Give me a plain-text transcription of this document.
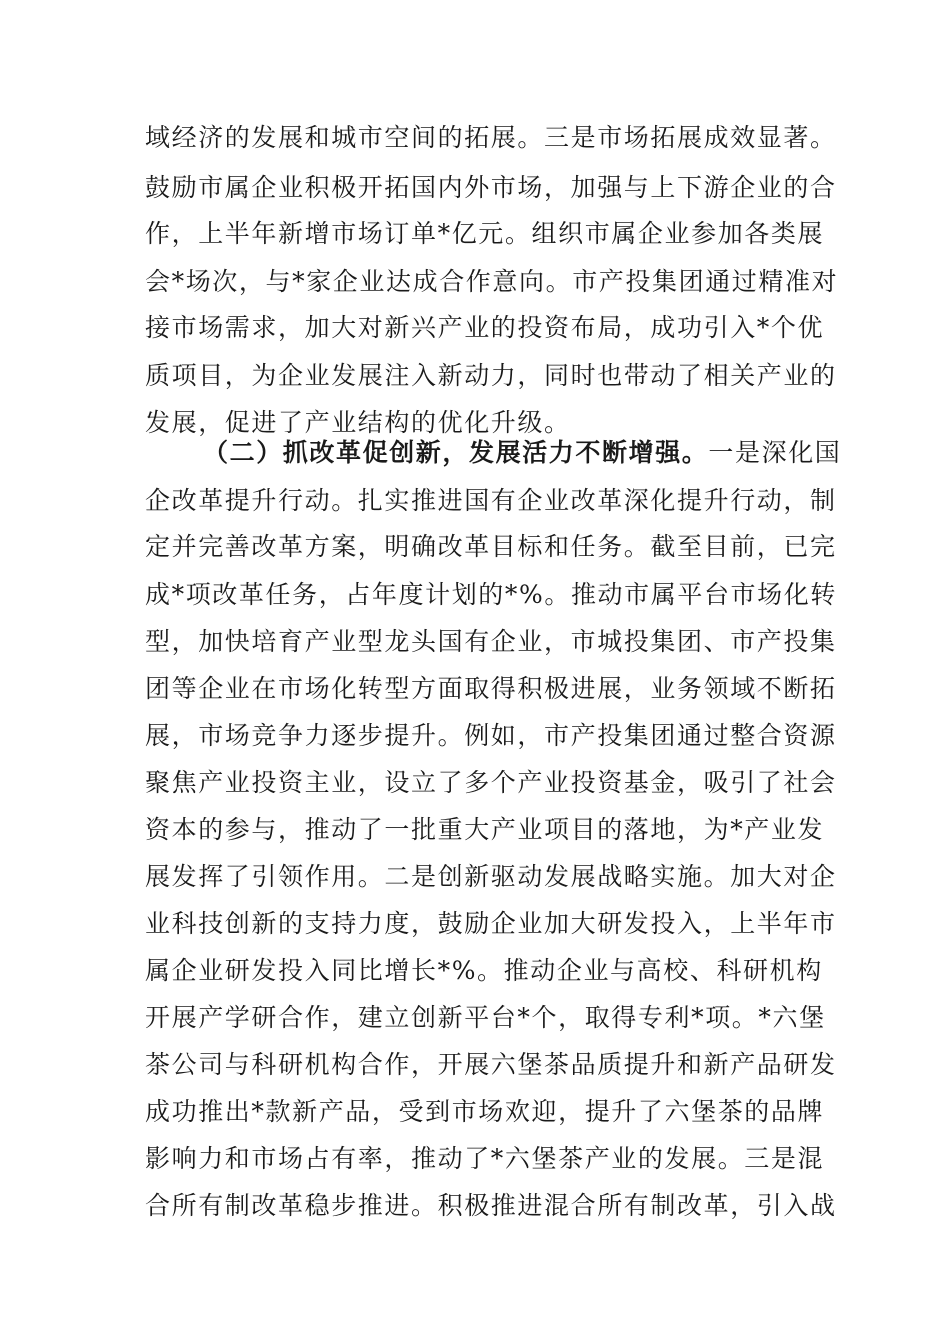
域经济的发展和城市空间的拓展。三是市场拓展成效显著。
鼓励市属企业积极开拓国内外市场，加强与上下游企业的合
作，上半年新增市场订单*亿元。组织市属企业参加各类展
会*场次，与*家企业达成合作意向。市产投集团通过精准对
接市场需求，加大对新兴产业的投资布局，成功引入*个优
质项目，为企业发展注入新动力，同时也带动了相关产业的
发展，促进了产业结构的优化升级。
（二）抓改革促创新，发展活力不断增强。一是深化国
企改革提升行动。扎实推进国有企业改革深化提升行动，制
定并完善改革方案，明确改革目标和任务。截至目前，已完
成*项改革任务，占年度计划的*%。推动市属平台市场化转
型，加快培育产业型龙头国有企业，市城投集团、市产投集
团等企业在市场化转型方面取得积极进展，业务领域不断拓
展，市场竞争力逐步提升。例如，市产投集团通过整合资源
聚焦产业投资主业，设立了多个产业投资基金，吸引了社会
资本的参与，推动了一批重大产业项目的落地，为*产业发
展发挥了引领作用。二是创新驱动发展战略实施。加大对企
业科技创新的支持力度，鼓励企业加大研发投入，上半年市
属企业研发投入同比增长*%。推动企业与高校、科研机构
开展产学研合作，建立创新平台*个，取得专利*项。*六堡
茶公司与科研机构合作，开展六堡茶品质提升和新产品研发
成功推出*款新产品，受到市场欢迎，提升了六堡茶的品牌
影响力和市场占有率，推动了*六堡茶产业的发展。三是混
合所有制改革稳步推进。积极推进混合所有制改革，引入战
